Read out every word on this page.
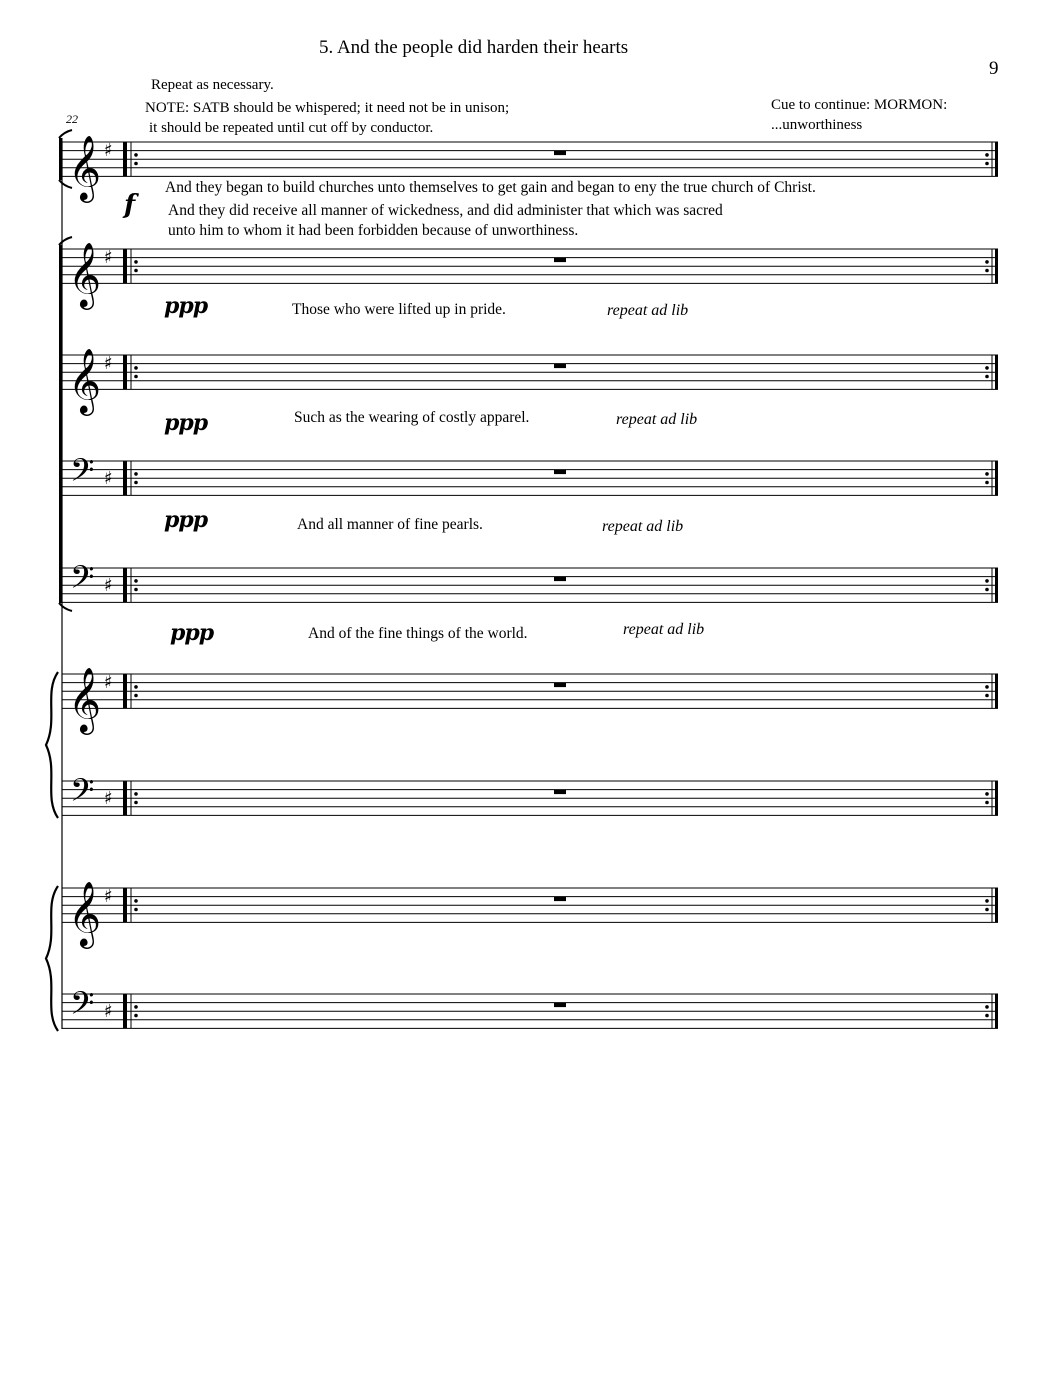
𝄞 ♯
𝄞 ♯
𝄞 ♯
𝄢 ♯
𝄢 ♯
𝄞 ♯
𝄢 ♯
𝄞 ♯
𝄢 ♯
5. And the people did harden their hearts
9
Repeat as necessary.
NOTE: SATB should be whispered; it need not be in unison;
it should be repeated until cut off by conductor.
Cue to continue: MORMON:
...unworthiness
22
f
And they began to build churches unto themselves to get gain and began to eny the true church of Christ.
And they did receive all manner of wickedness, and did administer that which was sacred
unto him to whom it had been forbidden because of unworthiness.
ppp	Those who were lifted up in pride.	repeat ad lib
ppp	Such as the wearing of costly apparel.	repeat ad lib
ppp	And all manner of fine pearls.	repeat ad lib
ppp	And of the fine things of the world.	repeat ad lib
